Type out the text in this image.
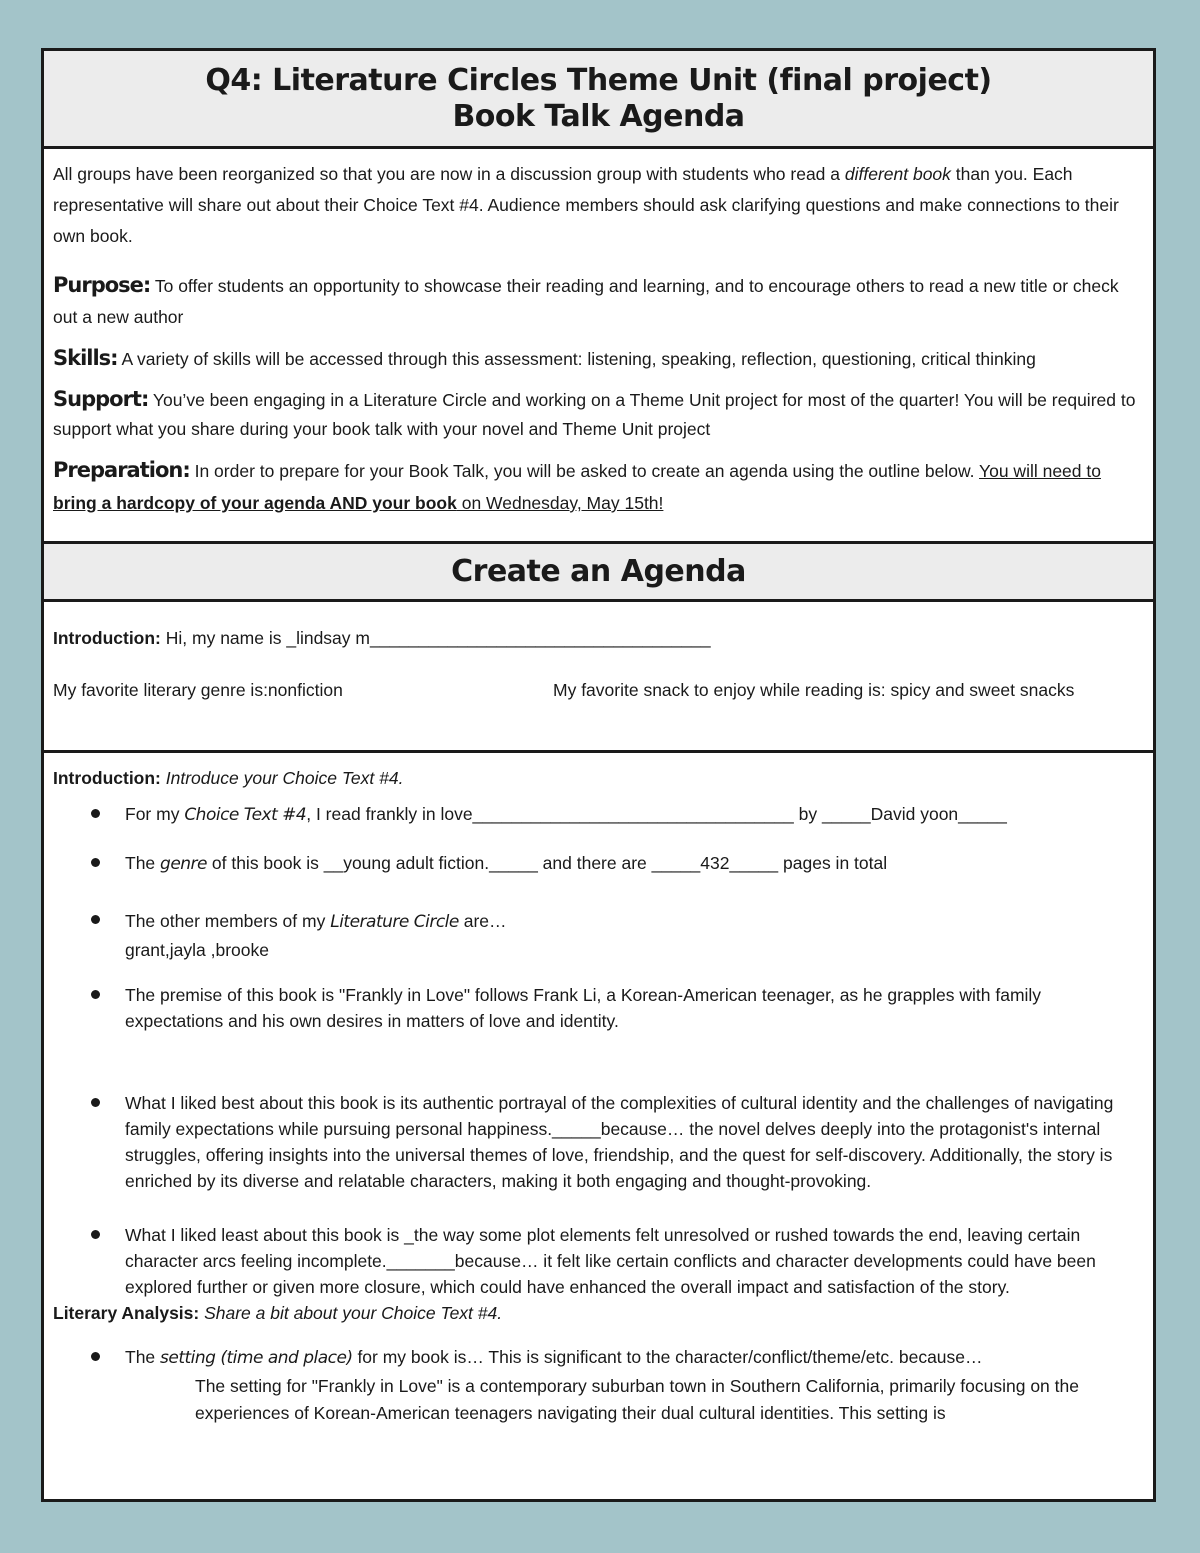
Q4: Literature Circles Theme Unit (final project)
Book Talk Agenda

All groups have been reorganized so that you are now in a discussion group with students who read a different book than you. Each representative will share out about their Choice Text #4. Audience members should ask clarifying questions and make connections to their own book.

Purpose: To offer students an opportunity to showcase their reading and learning, and to encourage others to read a new title or check out a new author

Skills: A variety of skills will be accessed through this assessment: listening, speaking, reflection, questioning, critical thinking

Support: You’ve been engaging in a Literature Circle and working on a Theme Unit project for most of the quarter! You will be required to support what you share during your book talk with your novel and Theme Unit project

Preparation: In order to prepare for your Book Talk, you will be asked to create an agenda using the outline below. You will need to bring a hardcopy of your agenda AND your book on Wednesday, May 15th!

Create an Agenda
Introduction: Hi, my name is _lindsay m___________________________________
My favorite literary genre is:nonfiction	My favorite snack to enjoy while reading is: spicy and sweet snacks
Introduction: Introduce your Choice Text #4.
For my Choice Text #4, I read frankly in love_________________________________ by _____David yoon_____
The genre of this book is __young adult fiction._____ and there are _____432_____ pages in total
The other members of my Literature Circle are…
grant,jayla ,brooke
The premise of this book is "Frankly in Love" follows Frank Li, a Korean-American teenager, as he grapples with family expectations and his own desires in matters of love and identity.
What I liked best about this book is its authentic portrayal of the complexities of cultural identity and the challenges of navigating family expectations while pursuing personal happiness._____because… the novel delves deeply into the protagonist's internal struggles, offering insights into the universal themes of love, friendship, and the quest for self-discovery. Additionally, the story is enriched by its diverse and relatable characters, making it both engaging and thought-provoking.
What I liked least about this book is _the way some plot elements felt unresolved or rushed towards the end, leaving certain character arcs feeling incomplete._______because… it felt like certain conflicts and character developments could have been explored further or given more closure, which could have enhanced the overall impact and satisfaction of the story.
Literary Analysis: Share a bit about your Choice Text #4.
The setting (time and place) for my book is… This is significant to the character/conflict/theme/etc. because…
The setting for "Frankly in Love" is a contemporary suburban town in Southern California, primarily focusing on the experiences of Korean-American teenagers navigating their dual cultural identities. This setting is
